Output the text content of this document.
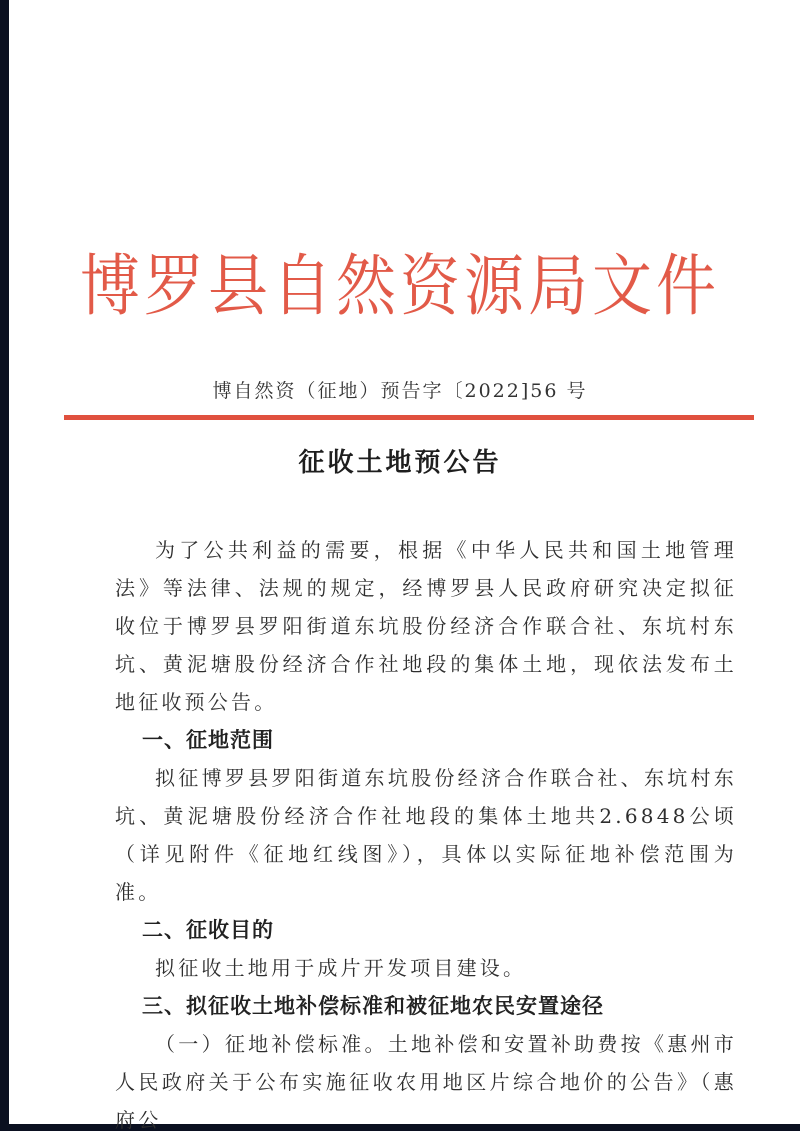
博罗县自然资源局文件
博自然资（征地）预告字〔2022]56 号
征收土地预公告

为了公共利益的需要，根据《中华人民共和国土地管理法》等法律、法规的规定，经博罗县人民政府研究决定拟征收位于博罗县罗阳街道东坑股份经济合作联合社、东坑村东坑、黄泥塘股份经济合作社地段的集体土地，现依法发布土地征收预公告。

一、征地范围

拟征博罗县罗阳街道东坑股份经济合作联合社、东坑村东坑、黄泥塘股份经济合作社地段的集体土地共2.6848公顷（详见附件《征地红线图》），具体以实际征地补偿范围为准。

二、征收目的

拟征收土地用于成片开发项目建设。

三、拟征收土地补偿标准和被征地农民安置途径

（一）征地补偿标准。土地补偿和安置补助费按《惠州市人民政府关于公布实施征收农用地区片综合地价的公告》（惠府公
